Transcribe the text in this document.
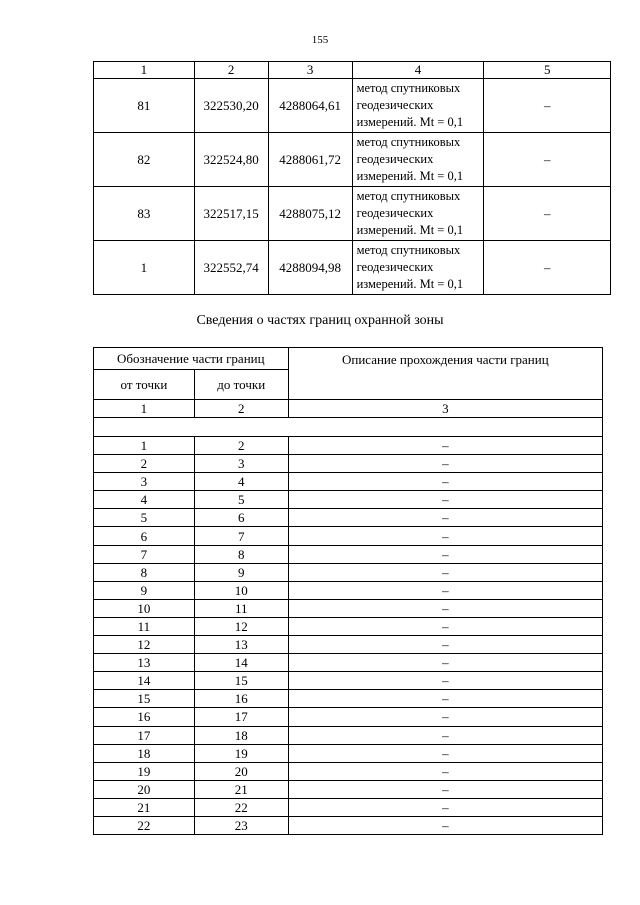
155
1	2	3	4	5
81	322530,20	4288064,61	метод спутниковых
геодезических
измерений. Mt = 0,1	–
82	322524,80	4288061,72	метод спутниковых
геодезических
измерений. Mt = 0,1	–
83	322517,15	4288075,12	метод спутниковых
геодезических
измерений. Mt = 0,1	–
1	322552,74	4288094,98	метод спутниковых
геодезических
измерений. Mt = 0,1	–
Сведения о частях границ охранной зоны
Обозначение части границ		Описание прохождения части границ
от точки	до точки	
1	2	3

1	2	–
2	3	–
3	4	–
4	5	–
5	6	–
6	7	–
7	8	–
8	9	–
9	10	–
10	11	–
11	12	–
12	13	–
13	14	–
14	15	–
15	16	–
16	17	–
17	18	–
18	19	–
19	20	–
20	21	–
21	22	–
22	23	–
